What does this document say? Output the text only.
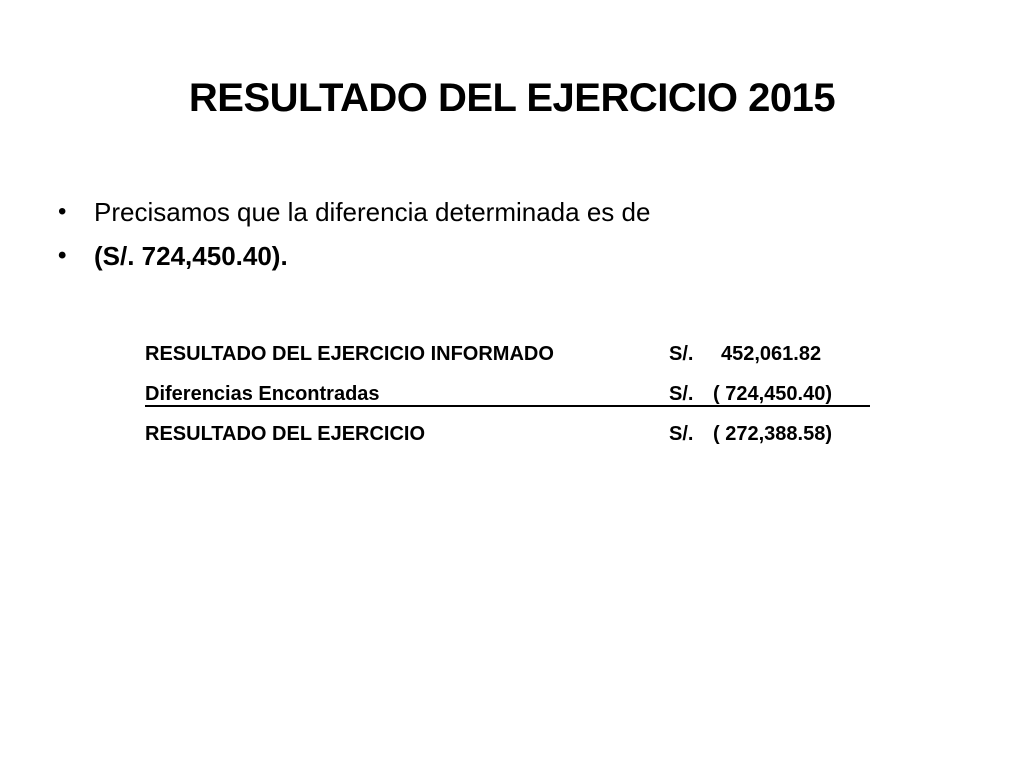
RESULTADO DEL EJERCICIO 2015
• Precisamos que la diferencia determinada es de
• (S/. 724,450.40).
RESULTADO DEL EJERCICIO INFORMADO	S/. 452,061.82
Diferencias Encontradas	S/. ( 724,450.40)
RESULTADO DEL EJERCICIO	S/. ( 272,388.58)
